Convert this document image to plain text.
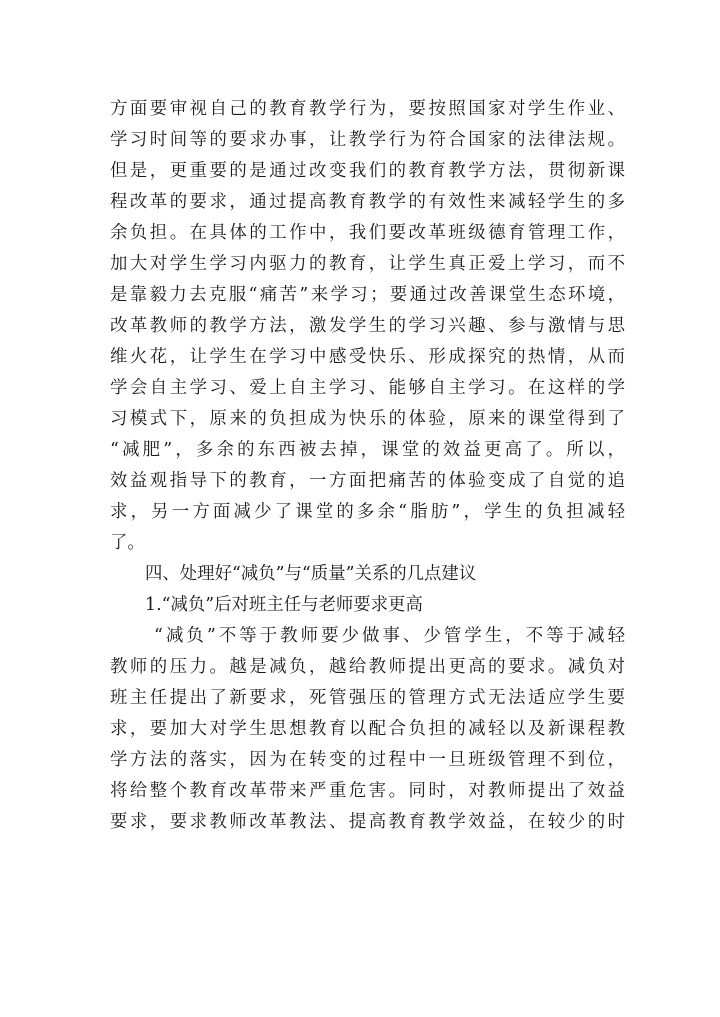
方面要审视自己的教育教学行为，要按照国家对学生作业、
学习时间等的要求办事，让教学行为符合国家的法律法规。
但是，更重要的是通过改变我们的教育教学方法，贯彻新课
程改革的要求，通过提高教育教学的有效性来减轻学生的多
余负担。在具体的工作中，我们要改革班级德育管理工作，
加大对学生学习内驱力的教育，让学生真正爱上学习，而不
是靠毅力去克服“痛苦”来学习；要通过改善课堂生态环境，
改革教师的教学方法，激发学生的学习兴趣、参与激情与思
维火花，让学生在学习中感受快乐、形成探究的热情，从而
学会自主学习、爱上自主学习、能够自主学习。在这样的学
习模式下，原来的负担成为快乐的体验，原来的课堂得到了
“减肥”，多余的东西被去掉，课堂的效益更高了。所以，
效益观指导下的教育，一方面把痛苦的体验变成了自觉的追
求，另一方面减少了课堂的多余“脂肪”，学生的负担减轻
了。
四、处理好“减负”与“质量”关系的几点建议
1.“减负”后对班主任与老师要求更高
“减负”不等于教师要少做事、少管学生，不等于减轻
教师的压力。越是减负，越给教师提出更高的要求。减负对
班主任提出了新要求，死管强压的管理方式无法适应学生要
求，要加大对学生思想教育以配合负担的减轻以及新课程教
学方法的落实，因为在转变的过程中一旦班级管理不到位，
将给整个教育改革带来严重危害。同时，对教师提出了效益
要求，要求教师改革教法、提高教育教学效益，在较少的时
